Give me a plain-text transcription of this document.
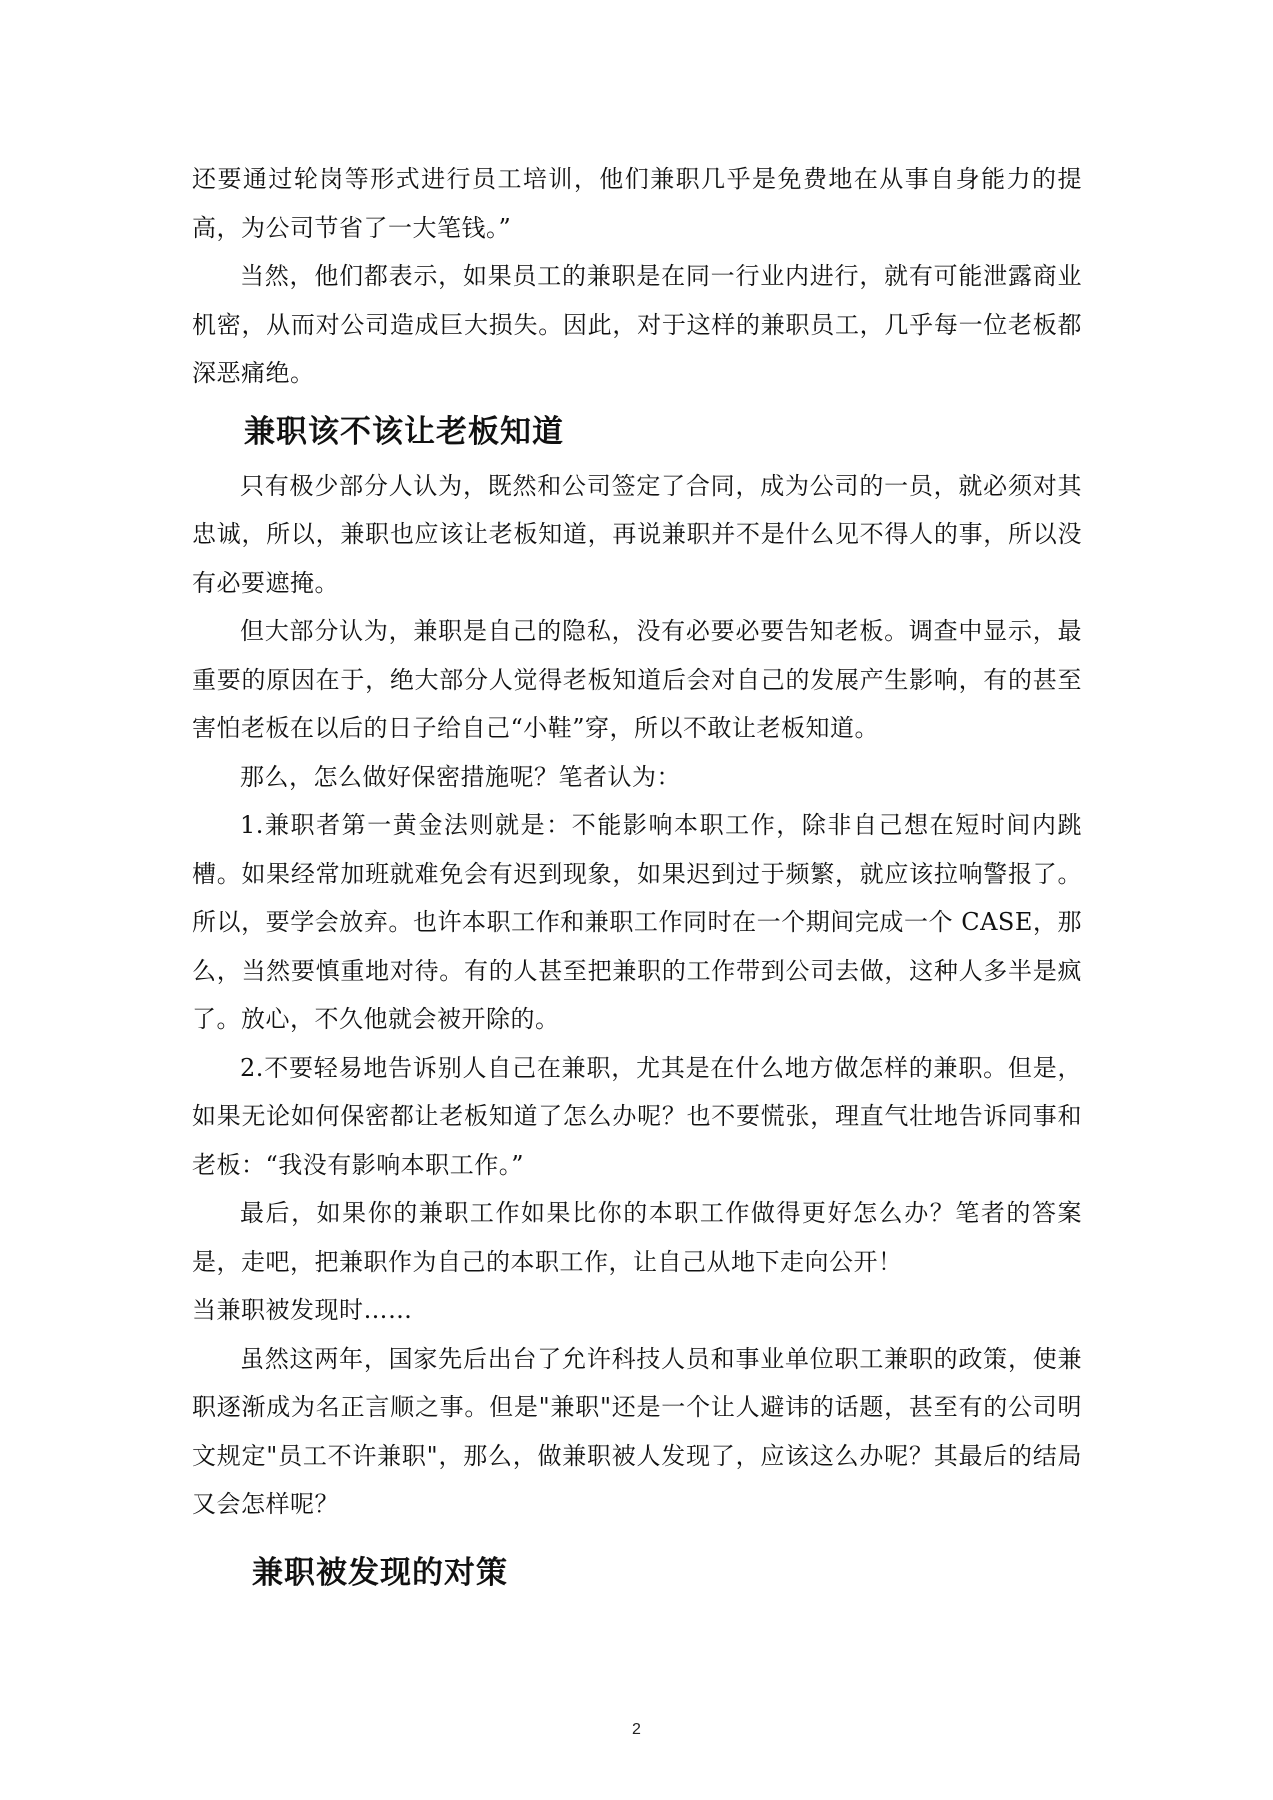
还要通过轮岗等形式进行员工培训，他们兼职几乎是免费地在从事自身能力的提高，为公司节省了一大笔钱。”

当然，他们都表示，如果员工的兼职是在同一行业内进行，就有可能泄露商业机密，从而对公司造成巨大损失。因此，对于这样的兼职员工，几乎每一位老板都深恶痛绝。

兼职该不该让老板知道

只有极少部分人认为，既然和公司签定了合同，成为公司的一员，就必须对其忠诚，所以，兼职也应该让老板知道，再说兼职并不是什么见不得人的事，所以没有必要遮掩。

但大部分认为，兼职是自己的隐私，没有必要必要告知老板。调查中显示，最重要的原因在于，绝大部分人觉得老板知道后会对自己的发展产生影响，有的甚至害怕老板在以后的日子给自己“小鞋”穿，所以不敢让老板知道。

那么，怎么做好保密措施呢？笔者认为：

1.兼职者第一黄金法则就是：不能影响本职工作，除非自己想在短时间内跳槽。如果经常加班就难免会有迟到现象，如果迟到过于频繁，就应该拉响警报了。所以，要学会放弃。也许本职工作和兼职工作同时在一个期间完成一个 CASE，那么，当然要慎重地对待。有的人甚至把兼职的工作带到公司去做，这种人多半是疯了。放心，不久他就会被开除的。

2.不要轻易地告诉别人自己在兼职，尤其是在什么地方做怎样的兼职。但是，如果无论如何保密都让老板知道了怎么办呢？也不要慌张，理直气壮地告诉同事和老板：“我没有影响本职工作。”

最后，如果你的兼职工作如果比你的本职工作做得更好怎么办？笔者的答案是，走吧，把兼职作为自己的本职工作，让自己从地下走向公开！

当兼职被发现时……

虽然这两年，国家先后出台了允许科技人员和事业单位职工兼职的政策，使兼职逐渐成为名正言顺之事。但是"兼职"还是一个让人避讳的话题，甚至有的公司明文规定"员工不许兼职"，那么，做兼职被人发现了，应该这么办呢？其最后的结局又会怎样呢？

兼职被发现的对策
2
